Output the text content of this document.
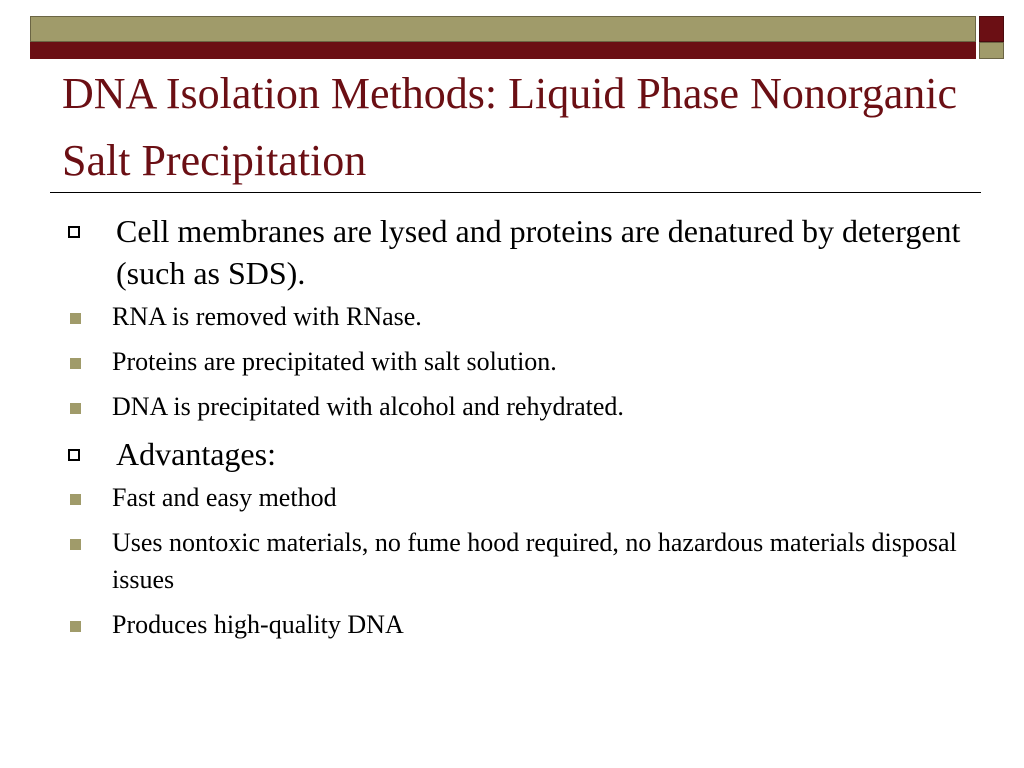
DNA Isolation Methods: Liquid Phase Nonorganic Salt Precipitation
Cell membranes are lysed and proteins are denatured by detergent (such as SDS).
RNA is removed with RNase.
Proteins are precipitated with salt solution.
DNA is precipitated with alcohol and rehydrated.
Advantages:
Fast and easy method
Uses nontoxic materials, no fume hood required, no hazardous materials disposal issues
Produces high-quality DNA
